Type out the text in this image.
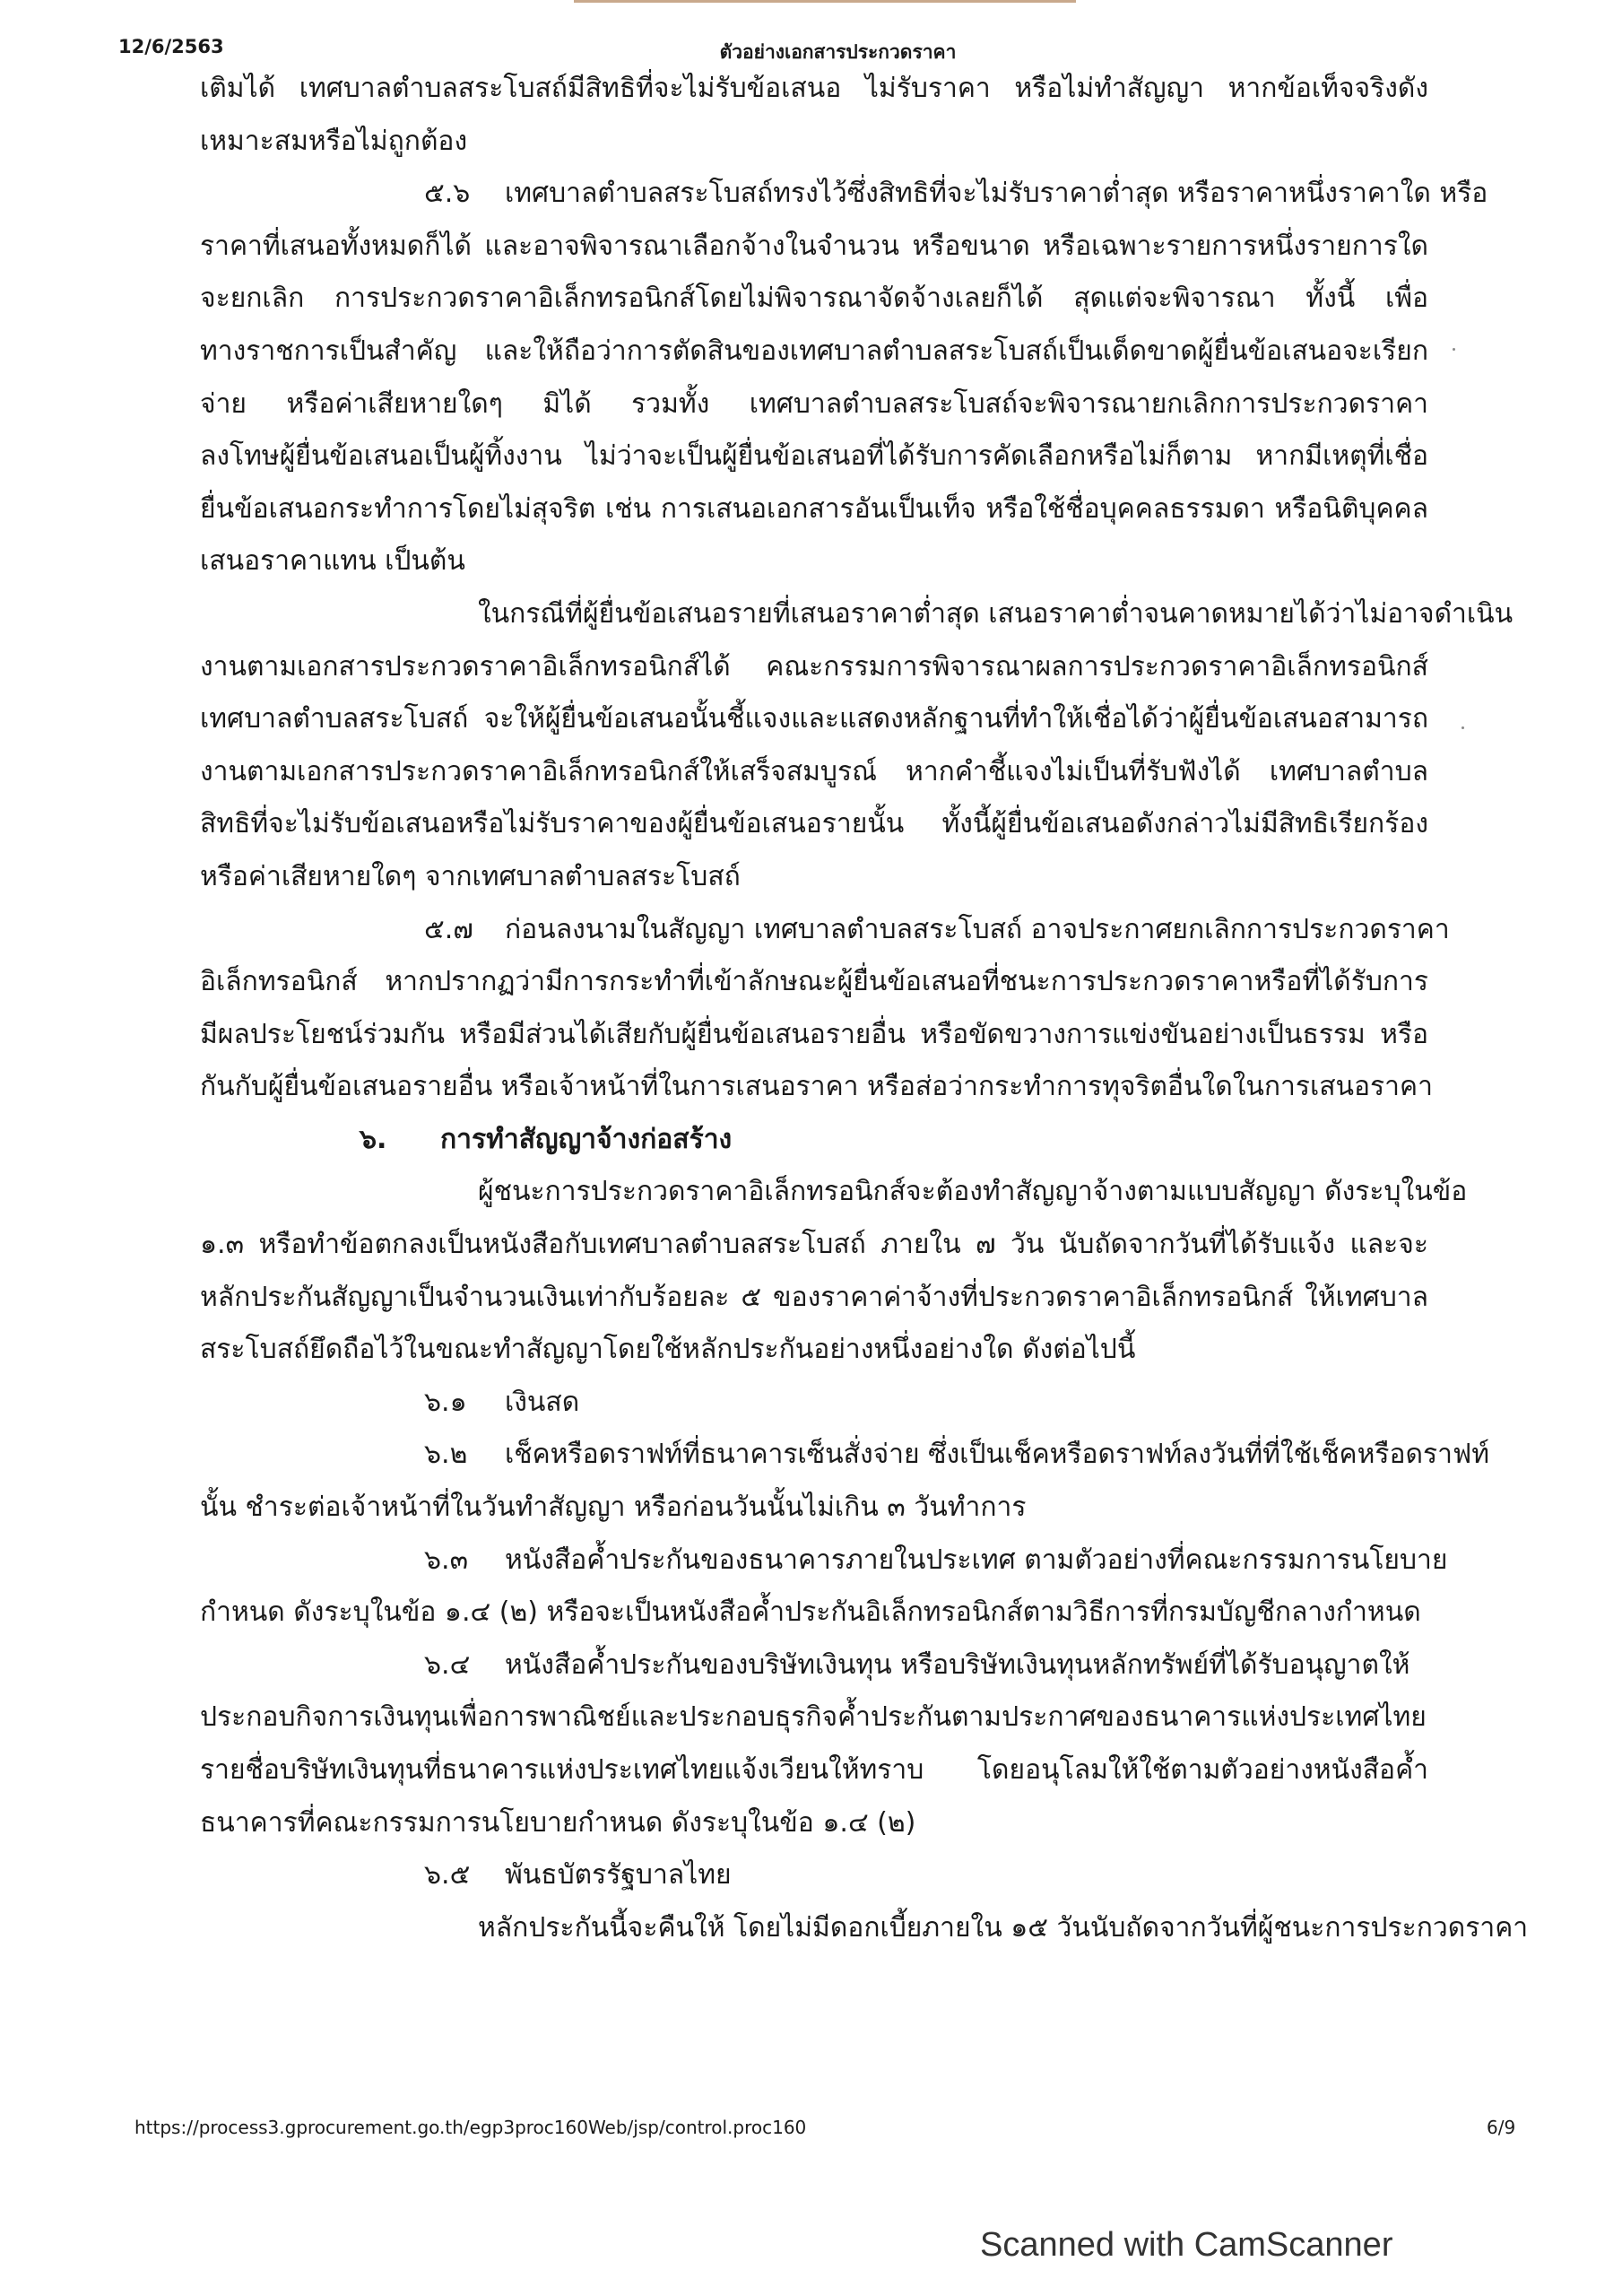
12/6/2563	ตัวอย่างเอกสารประกวดราคา
เติมได้ เทศบาลตำบลสระโบสถ์มีสิทธิที่จะไม่รับข้อเสนอ ไม่รับราคา หรือไม่ทำสัญญา หากข้อเท็จจริงดัง
เหมาะสมหรือไม่ถูกต้อง
๕.๖ เทศบาลตำบลสระโบสถ์ทรงไว้ซึ่งสิทธิที่จะไม่รับราคาต่ำสุด หรือราคาหนึ่งราคาใด หรือ
ราคาที่เสนอทั้งหมดก็ได้ และอาจพิจารณาเลือกจ้างในจำนวน หรือขนาด หรือเฉพาะรายการหนึ่งรายการใด
จะยกเลิก การประกวดราคาอิเล็กทรอนิกส์โดยไม่พิจารณาจัดจ้างเลยก็ได้ สุดแต่จะพิจารณา ทั้งนี้ เพื่อ
ทางราชการเป็นสำคัญ และให้ถือว่าการตัดสินของเทศบาลตำบลสระโบสถ์เป็นเด็ดขาดผู้ยื่นข้อเสนอจะเรียก
จ่าย หรือค่าเสียหายใดๆ มิได้ รวมทั้ง เทศบาลตำบลสระโบสถ์จะพิจารณายกเลิกการประกวดราคา
ลงโทษผู้ยื่นข้อเสนอเป็นผู้ทิ้งงาน ไม่ว่าจะเป็นผู้ยื่นข้อเสนอที่ได้รับการคัดเลือกหรือไม่ก็ตาม หากมีเหตุที่เชื่อ
ยื่นข้อเสนอกระทำการโดยไม่สุจริต เช่น การเสนอเอกสารอันเป็นเท็จ หรือใช้ชื่อบุคคลธรรมดา หรือนิติบุคคล
เสนอราคาแทน เป็นต้น
ในกรณีที่ผู้ยื่นข้อเสนอรายที่เสนอราคาต่ำสุด เสนอราคาต่ำจนคาดหมายได้ว่าไม่อาจดำเนิน
งานตามเอกสารประกวดราคาอิเล็กทรอนิกส์ได้ คณะกรรมการพิจารณาผลการประกวดราคาอิเล็กทรอนิกส์
เทศบาลตำบลสระโบสถ์ จะให้ผู้ยื่นข้อเสนอนั้นชี้แจงและแสดงหลักฐานที่ทำให้เชื่อได้ว่าผู้ยื่นข้อเสนอสามารถ
งานตามเอกสารประกวดราคาอิเล็กทรอนิกส์ให้เสร็จสมบูรณ์ หากคำชี้แจงไม่เป็นที่รับฟังได้ เทศบาลตำบล
สิทธิที่จะไม่รับข้อเสนอหรือไม่รับราคาของผู้ยื่นข้อเสนอรายนั้น ทั้งนี้ผู้ยื่นข้อเสนอดังกล่าวไม่มีสิทธิเรียกร้อง
หรือค่าเสียหายใดๆ จากเทศบาลตำบลสระโบสถ์
๕.๗ ก่อนลงนามในสัญญา เทศบาลตำบลสระโบสถ์ อาจประกาศยกเลิกการประกวดราคา
อิเล็กทรอนิกส์ หากปรากฏว่ามีการกระทำที่เข้าลักษณะผู้ยื่นข้อเสนอที่ชนะการประกวดราคาหรือที่ได้รับการ
มีผลประโยชน์ร่วมกัน หรือมีส่วนได้เสียกับผู้ยื่นข้อเสนอรายอื่น หรือขัดขวางการแข่งขันอย่างเป็นธรรม หรือ
กันกับผู้ยื่นข้อเสนอรายอื่น หรือเจ้าหน้าที่ในการเสนอราคา หรือส่อว่ากระทำการทุจริตอื่นใดในการเสนอราคา
๖. การทำสัญญาจ้างก่อสร้าง
ผู้ชนะการประกวดราคาอิเล็กทรอนิกส์จะต้องทำสัญญาจ้างตามแบบสัญญา ดังระบุในข้อ
๑.๓ หรือทำข้อตกลงเป็นหนังสือกับเทศบาลตำบลสระโบสถ์ ภายใน ๗ วัน นับถัดจากวันที่ได้รับแจ้ง และจะ
หลักประกันสัญญาเป็นจำนวนเงินเท่ากับร้อยละ ๕ ของราคาค่าจ้างที่ประกวดราคาอิเล็กทรอนิกส์ ให้เทศบาล
สระโบสถ์ยึดถือไว้ในขณะทำสัญญาโดยใช้หลักประกันอย่างหนึ่งอย่างใด ดังต่อไปนี้
๖.๑ เงินสด
๖.๒ เช็คหรือดราฟท์ที่ธนาคารเซ็นสั่งจ่าย ซึ่งเป็นเช็คหรือดราฟท์ลงวันที่ที่ใช้เช็คหรือดราฟท์
นั้น ชำระต่อเจ้าหน้าที่ในวันทำสัญญา หรือก่อนวันนั้นไม่เกิน ๓ วันทำการ
๖.๓ หนังสือค้ำประกันของธนาคารภายในประเทศ ตามตัวอย่างที่คณะกรรมการนโยบาย
กำหนด ดังระบุในข้อ ๑.๔ (๒) หรือจะเป็นหนังสือค้ำประกันอิเล็กทรอนิกส์ตามวิธีการที่กรมบัญชีกลางกำหนด
๖.๔ หนังสือค้ำประกันของบริษัทเงินทุน หรือบริษัทเงินทุนหลักทรัพย์ที่ได้รับอนุญาตให้
ประกอบกิจการเงินทุนเพื่อการพาณิชย์และประกอบธุรกิจค้ำประกันตามประกาศของธนาคารแห่งประเทศไทย
รายชื่อบริษัทเงินทุนที่ธนาคารแห่งประเทศไทยแจ้งเวียนให้ทราบ โดยอนุโลมให้ใช้ตามตัวอย่างหนังสือค้ำ
ธนาคารที่คณะกรรมการนโยบายกำหนด ดังระบุในข้อ ๑.๔ (๒)
๖.๕ พันธบัตรรัฐบาลไทย
หลักประกันนี้จะคืนให้ โดยไม่มีดอกเบี้ยภายใน ๑๕ วันนับถัดจากวันที่ผู้ชนะการประกวดราคา
https://process3.gprocurement.go.th/egp3proc160Web/jsp/control.proc160	6/9
Scanned with CamScanner
